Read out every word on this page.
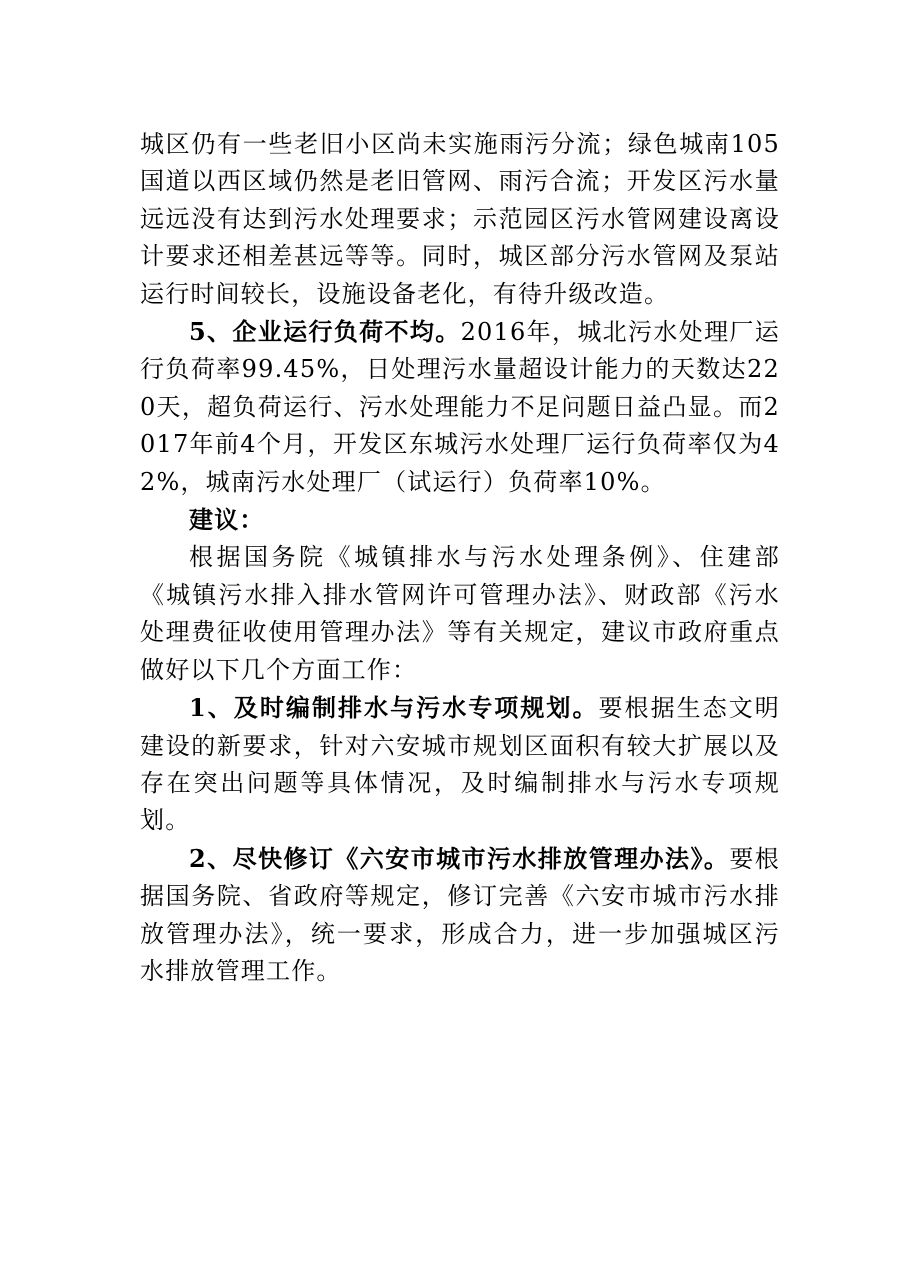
城区仍有一些老旧小区尚未实施雨污分流；绿色城南105国道以西区域仍然是老旧管网、雨污合流；开发区污水量远远没有达到污水处理要求；示范园区污水管网建设离设计要求还相差甚远等等。同时，城区部分污水管网及泵站运行时间较长，设施设备老化，有待升级改造。

5、企业运行负荷不均。2016年，城北污水处理厂运行负荷率99.45%，日处理污水量超设计能力的天数达220天，超负荷运行、污水处理能力不足问题日益凸显。而2017年前4个月，开发区东城污水处理厂运行负荷率仅为42%，城南污水处理厂（试运行）负荷率10%。

建议：

根据国务院《城镇排水与污水处理条例》、住建部《城镇污水排入排水管网许可管理办法》、财政部《污水处理费征收使用管理办法》等有关规定，建议市政府重点做好以下几个方面工作：

1、及时编制排水与污水专项规划。要根据生态文明建设的新要求，针对六安城市规划区面积有较大扩展以及存在突出问题等具体情况，及时编制排水与污水专项规划。

2、尽快修订《六安市城市污水排放管理办法》。要根据国务院、省政府等规定，修订完善《六安市城市污水排放管理办法》，统一要求，形成合力，进一步加强城区污水排放管理工作。
